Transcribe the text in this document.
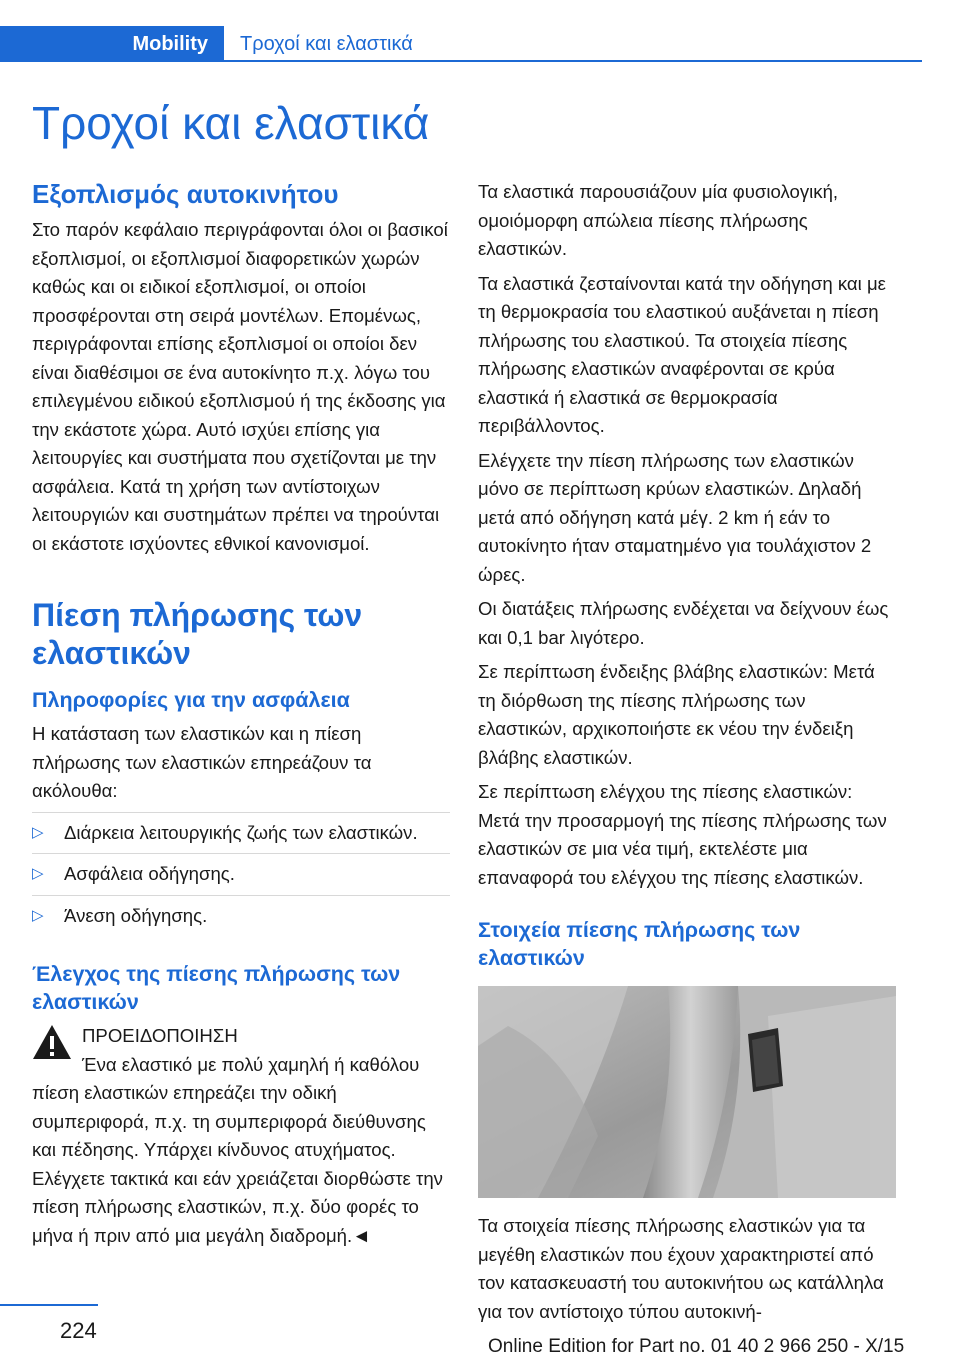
Mobility	Τροχοί και ελαστικά
Τροχοί και ελαστικά
Εξοπλισμός αυτοκινήτου

Στο παρόν κεφάλαιο περιγράφονται όλοι οι βασικοί εξοπλισμοί, οι εξοπλισμοί διαφορετικών χωρών καθώς και οι ειδικοί εξοπλισμοί, οι οποίοι προσφέρονται στη σειρά μοντέλων. Επομένως, περιγράφονται επίσης εξοπλισμοί οι οποίοι δεν είναι διαθέσιμοι σε ένα αυτοκίνητο π.χ. λόγω του επιλεγμένου ειδικού εξοπλισμού ή της έκδοσης για την εκάστοτε χώρα. Αυτό ισχύει επίσης για λειτουργίες και συστήματα που σχετίζονται με την ασφάλεια. Κατά τη χρήση των αντίστοιχων λειτουργιών και συστημάτων πρέπει να τηρούνται οι εκάστοτε ισχύοντες εθνικοί κανονισμοί.

Πίεση πλήρωσης των ελαστικών
Πληροφορίες για την ασφάλεια

Η κατάσταση των ελαστικών και η πίεση πλήρωσης των ελαστικών επηρεάζουν τα ακόλουθα:

▷ Διάρκεια λειτουργικής ζωής των ελαστικών.
▷ Ασφάλεια οδήγησης.
▷ Άνεση οδήγησης.
Έλεγχος της πίεσης πλήρωσης των ελαστικών
ΠΡΟΕΙΔΟΠΟΙΗΣΗ

Ένα ελαστικό με πολύ χαμηλή ή καθόλου πίεση ελαστικών επηρεάζει την οδική συμπεριφορά, π.χ. τη συμπεριφορά διεύθυνσης και πέδησης. Υπάρχει κίνδυνος ατυχήματος. Ελέγχετε τακτικά και εάν χρειάζεται διορθώστε την πίεση πλήρωσης ελαστικών, π.χ. δύο φορές το μήνα ή πριν από μια μεγάλη διαδρομή.◄

Τα ελαστικά παρουσιάζουν μία φυσιολογική, ομοιόμορφη απώλεια πίεσης πλήρωσης ελαστικών.

Τα ελαστικά ζεσταίνονται κατά την οδήγηση και με τη θερμοκρασία του ελαστικού αυξάνεται η πίεση πλήρωσης του ελαστικού. Τα στοιχεία πίεσης πλήρωσης ελαστικών αναφέρονται σε κρύα ελαστικά ή ελαστικά σε θερμοκρασία περιβάλλοντος.

Ελέγχετε την πίεση πλήρωσης των ελαστικών μόνο σε περίπτωση κρύων ελαστικών. Δηλαδή μετά από οδήγηση κατά μέγ. 2 km ή εάν το αυτοκίνητο ήταν σταματημένο για τουλάχιστον 2 ώρες.

Οι διατάξεις πλήρωσης ενδέχεται να δείχνουν έως και 0,1 bar λιγότερο.

Σε περίπτωση ένδειξης βλάβης ελαστικών: Μετά τη διόρθωση της πίεσης πλήρωσης των ελαστικών, αρχικοποιήστε εκ νέου την ένδειξη βλάβης ελαστικών.

Σε περίπτωση ελέγχου της πίεσης ελαστικών: Μετά την προσαρμογή της πίεσης πλήρωσης των ελαστικών σε μια νέα τιμή, εκτελέστε μια επαναφορά του ελέγχου της πίεσης ελαστικών.

Στοιχεία πίεσης πλήρωσης των ελαστικών

Τα στοιχεία πίεσης πλήρωσης ελαστικών για τα μεγέθη ελαστικών που έχουν χαρακτηριστεί από τον κατασκευαστή του αυτοκινήτου ως κατάλληλα για τον αντίστοιχο τύπου αυτοκινή-

224
Online Edition for Part no. 01 40 2 966 250 - X/15
